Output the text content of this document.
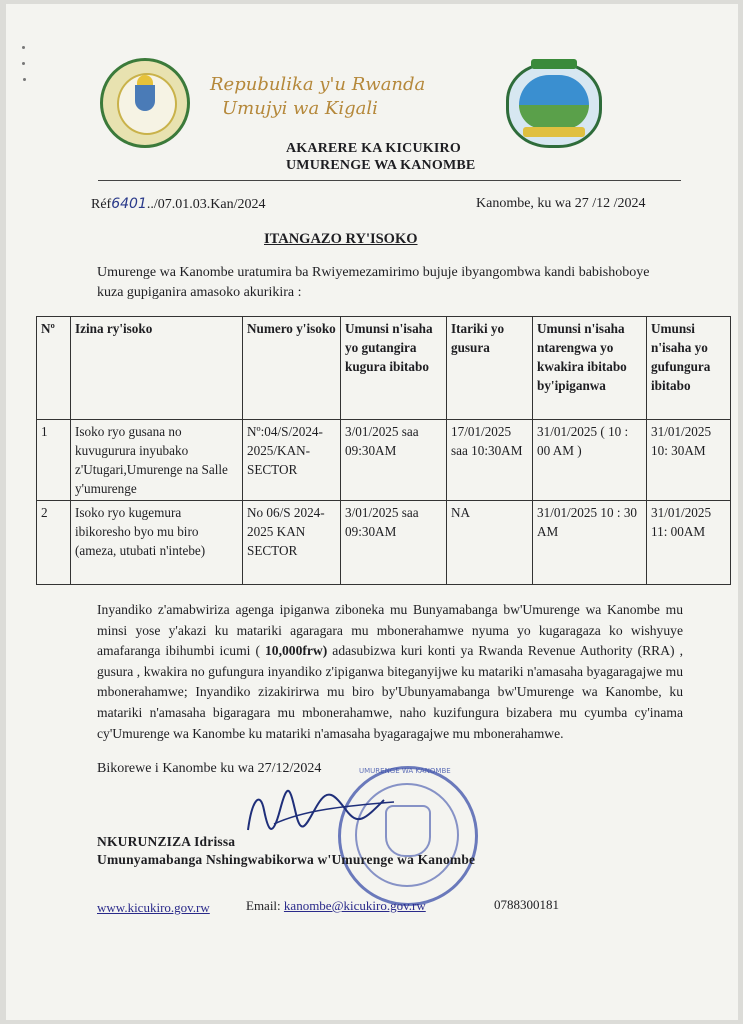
Repubulika y'u Rwanda
Umujyi wa Kigali
AKARERE KA KICUKIRO
UMURENGE WA KANOMBE
Réf6401../07.01.03.Kan/2024	Kanombe, ku wa 27 /12 /2024
ITANGAZO RY'ISOKO
Umurenge wa Kanombe uratumira ba Rwiyemezamirimo bujuje ibyangombwa kandi babishoboye kuza gupiganira amasoko akurikira :
Nº	Izina ry'isoko	Numero y'isoko	Umunsi n'isaha yo gutangira kugura ibitabo	Itariki yo gusura	Umunsi n'isaha ntarengwa yo kwakira ibitabo by'ipiganwa	Umunsi n'isaha yo gufungura ibitabo
1	Isoko ryo gusana no kuvugurura inyubako z'Utugari,Umurenge na Salle y'umurenge	Nº:04/S/2024-2025/KAN-SECTOR	3/01/2025 saa 09:30AM	17/01/2025 saa 10:30AM	31/01/2025 ( 10 : 00 AM )	31/01/2025 10: 30AM
2	Isoko ryo kugemura ibikoresho byo mu biro (ameza, utubati n'intebe)	No 06/S 2024-2025 KAN SECTOR	3/01/2025 saa 09:30AM	NA	31/01/2025 10 : 30 AM	31/01/2025 11: 00AM
Inyandiko z'amabwiriza agenga ipiganwa ziboneka mu Bunyamabanga bw'Umurenge wa Kanombe mu minsi yose y'akazi ku matariki agaragara mu mbonerahamwe nyuma yo kugaragaza ko wishyuye amafaranga ibihumbi icumi ( 10,000frw) adasubizwa kuri konti ya Rwanda Revenue Authority (RRA) , gusura , kwakira no gufungura inyandiko z'ipiganwa biteganyijwe ku matariki n'amasaha byagaragajwe mu mbonerahamwe; Inyandiko zizakirirwa mu biro by'Ubunyamabanga bw'Umurenge wa Kanombe, ku matariki n'amasaha bigaragara mu mbonerahamwe, naho kuzifungura bizabera mu cyumba cy'inama cy'Umurenge wa Kanombe ku matariki n'amasaha byagaragajwe mu mbonerahamwe.
Bikorewe i Kanombe ku wa 27/12/2024	UMURENGE WA KANOMBE
NKURUNZIZA Idrissa
Umunyamabanga Nshingwabikorwa w'Umurenge wa Kanombe
www.kicukiro.gov.rw	Email: kanombe@kicukiro.gov.rw	0788300181
